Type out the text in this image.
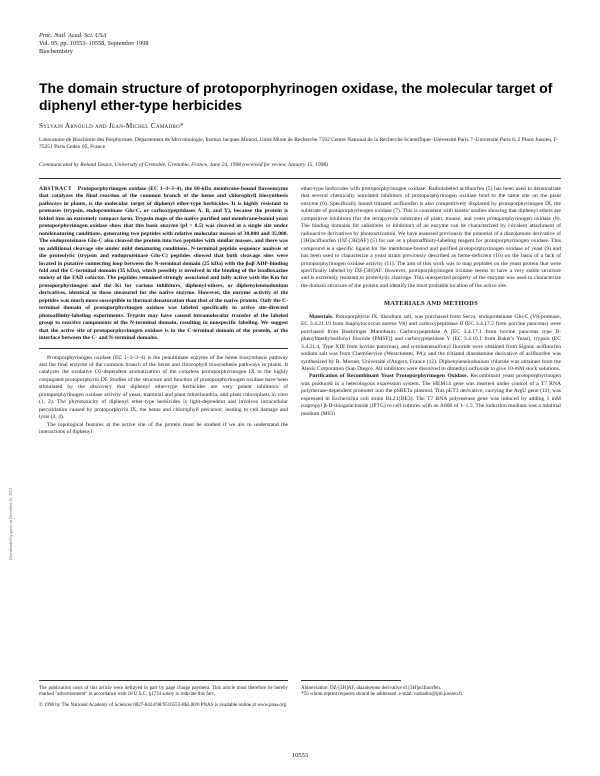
Proc. Natl. Acad. Sci. USA
Vol. 95, pp. 10553–10558, September 1998
Biochemistry
The domain structure of protoporphyrinogen oxidase, the molecular target of diphenyl ether-type herbicides
Sylvain Arnould and Jean-Michel Camadro*
Laboratoire de Biochimie des Porphyrines, Département de Microbiologie, Institut Jacques Monod, Unité Mixte de Recherche 7592 Centre National de la Recherche Scientifique–Université Paris 7–Université Paris 6, 2 Place Jussieu, F-75251 Paris Cedex 05, France
Communicated by Roland Douce, University of Grenoble, Grenoble, France, June 24, 1998 (received for review January 15, 1998)

ABSTRACT Protoporphyrinogen oxidase (EC 1–3–3–4), the 60-kDa membrane-bound flavoenzyme that catalyzes the final reaction of the common branch of the heme and chlorophyll biosynthesis pathways in plants, is the molecular target of diphenyl ether-type herbicides. It is highly resistant to proteases (trypsin, endoproteinase Glu-C, or carboxypeptidases A, B, and Y), because the protein is folded into an extremely compact form. Trypsin maps of the native purified and membrane-bound yeast protoporphyrinogen oxidase show that this basic enzyme (pI > 8.5) was cleaved at a single site under nondenaturing conditions, generating two peptides with relative molecular masses of 30,000 and 35,000. The endoproteinase Glu-C also cleaved the protein into two peptides with similar masses, and there was no additional cleavage site under mild denaturing conditions. N-terminal peptide sequence analysis of the proteolytic (trypsin and endoproteinase Glu-C) peptides showed that both cleavage sites were located in putative connecting loop between the N-terminal domain (25 kDa) with the βαβ ADP-binding fold and the C-terminal domain (35 kDa), which possibly is involved in the binding of the isoalloxazine moiety of the FAD cofactor. The peptides remained strongly associated and fully active with the Km for protoporphyrinogen and the Ki for various inhibitors, diphenyl-ethers, or diphenyleneiodonium derivatives, identical to those measured for the native enzyme. However, the enzyme activity of the peptides was much more susceptible to thermal denaturation than that of the native protein. Only the C-terminal domain of protoporphyrinogen oxidase was labeled specifically in active site-directed photoaffinity-labeling experiments. Trypsin may have caused intramolecular transfer of the labeled group to reactive components of the N-terminal domain, resulting in nonspecific labeling. We suggest that the active site of protoporphyrinogen oxidase is in the C-terminal domain of the protein, at the interface between the C- and N-terminal domains.

Protoporphyrinogen oxidase (EC 1–3–3–4) is the penultimate enzyme of the heme biosynthesis pathway and the final enzyme of the common branch of the heme and chlorophyll biosynthesis pathways in plants. It catalyzes the oxidative O2-dependent aromatization of the colorless protoporphyrinogen IX to the highly conjugated protoporphyrin IX. Studies of the structure and function of protoporphyrinogen oxidase have been stimulated by the discovery that diphenyl ether-type herbicides are very potent inhibitors of protoporphyrinogen oxidase activity of yeast, mammal and plant mitochondria, and plant chloroplasts in vitro (1, 2). The phytotoxicity of diphenyl ether-type herbicides is light-dependent and involves intracellular peroxidation caused by protoporphyrin IX, the heme and chlorophyll precursor, leading to cell damage and lysis (3, 4).

The topological features at the active site of the protein must be studied if we are to understand the interactions of diphenyl

ether-type herbicides with protoporphyrinogen oxidase. Radiolabeled acifluorfen (5) has been used to demonstrate that several chemically unrelated inhibitors of protoporphyrinogen oxidase bind to the same site on the plant enzyme (6). Specifically bound tritiated acifluorfen is also competitively displaced by protoporphyrinogen IX, the substrate of protoporphyrinogen oxidase (7). This is consistent with kinetic studies showing that diphenyl ethers are competitive inhibitors (for the tetrapyrrole substrate) of plant, mouse, and yeast protoporphyrinogen oxidase (8). The binding domains for substrates or inhibitors of an enzyme can be characterized by covalent attachment of radioactive derivatives by photoactivation. We have assessed previously the potential of a diazoketone derivative of [3H]acifluorfen (DZ-[3H]AF) (5) for use as a photoaffinity-labeling reagent for protoporphyrinogen oxidase. This compound is a specific ligand for the membrane-bound and purified protoporphyrinogen oxidase of yeast (9) and has been used to characterize a yeast strain previously described as heme-deficient (10) on the basis of a lack of protoporphyrinogen oxidase activity (11). The aim of this work was to map peptides on the yeast protein that were specifically labeled by DZ-[3H]AF. However, protoporphyrinogen oxidase seems to have a very stable structure and is extremely resistant to proteolytic cleavage. This unexpected property of the enzyme was used to characterize the domain structure of the protein and identify the most probable location of the active site.

MATERIALS AND METHODS

Materials. Protoporphyrin IX, disodium salt, was purchased from Serva, endoproteinase Glu-C (V8-protease, EC 3.4.21.19 from Staphylococcus aureus V8) and carboxypeptidase B (EC 3.4.17.2 from porcine pancreas) were purchased from Boehringer Mannheim. Carboxypeptidase A [EC 3.4.17.1 from bovine pancreas type II-phenylmethylsulfonyl fluoride (PMSF)] and carboxypeptidase Y (EC 3.4.16.1 from Baker's Yeast), trypsin (EC 3.4.21.4, Type XIII from bovine pancreas), and α-toluenesulfonyl fluoride were obtained from Sigma; acifluorfen sodium salt was from ChemService (Westchester, PA); and the tritiated diazoketone derivative of acifluorfen was synthesized by R. Mornet, Université d'Angers, France (12). Diphenyleneiodonium chloride was obtained from the Alexis Corporation (San Diego). All inhibitors were dissolved in dimethyl sulfoxide to give 10-mM stock solutions.

Purification of Recombinant Yeast Protoporphyrinogen Oxidase. Recombinant yeast protoporphyrinogen was produced in a heterologous expression system. The HEM14 gene was inserted under control of a T7 RNA polymerase-dependent promoter into the pSBETa plasmid. This pET3 derivative, carrying the ArgU gene (13), was expressed in Escherichia coli strain BL21(DE3). The T7 RNA polymerase gene was induced by adding 1 mM isopropyl β-D-thiogalactoside (IPTG) to cell cultures with an A600 of 1–1.5. The induction medium was a minimal medium (M63)

The publication costs of this article were defrayed in part by page charge payment. This article must therefore be hereby marked "advertisement" in accordance with 18 U.S.C. §1734 solely to indicate this fact.
© 1998 by The National Academy of Sciences 0027-8424/98/9510553-6$2.00/0 PNAS is available online at www.pnas.org.
Abbreviation: DZ-[3H]AF, diazoketone derivative of [3H]acifluorfen.
*To whom reprint requests should be addressed. e-mail: camadro@ijm.jussieu.fr.
10553
Downloaded by guest on December 20, 2021
